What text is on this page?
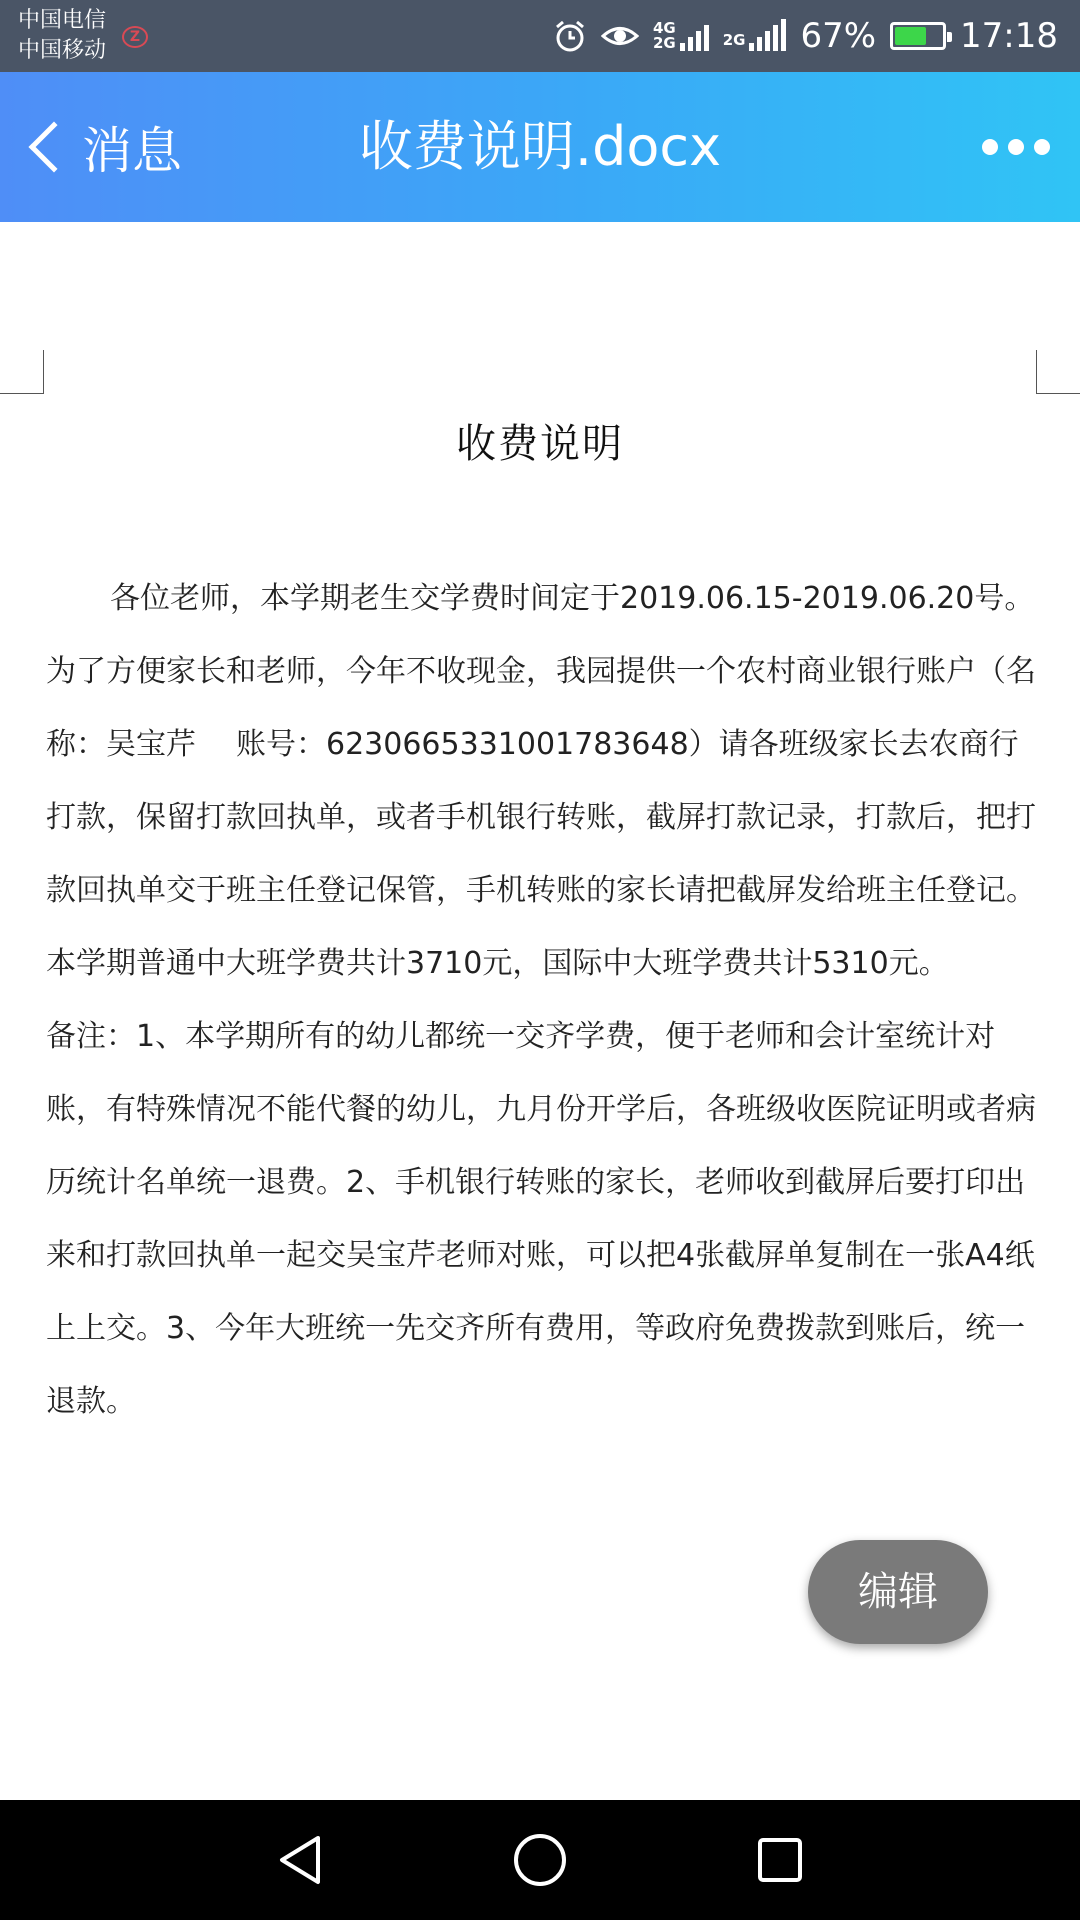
中国电信
中国移动
Z	4G
2G	2G 67% 17:18
消息	收费说明.docx
收费说明

各位老师，本学期老生交学费时间定于2019.06.15-2019.06.20号。为了方便家长和老师，今年不收现金，我园提供一个农村商业银行账户（名称：吴宝芹 账号：6230665331001783648）请各班级家长去农商行打款，保留打款回执单，或者手机银行转账，截屏打款记录，打款后，把打款回执单交于班主任登记保管，手机转账的家长请把截屏发给班主任登记。本学期普通中大班学费共计3710元，国际中大班学费共计5310元。

备注：1、本学期所有的幼儿都统一交齐学费，便于老师和会计室统计对账，有特殊情况不能代餐的幼儿，九月份开学后，各班级收医院证明或者病历统计名单统一退费。2、手机银行转账的家长，老师收到截屏后要打印出来和打款回执单一起交吴宝芹老师对账，可以把4张截屏单复制在一张A4纸上上交。3、今年大班统一先交齐所有费用，等政府免费拨款到账后，统一退款。

编辑
